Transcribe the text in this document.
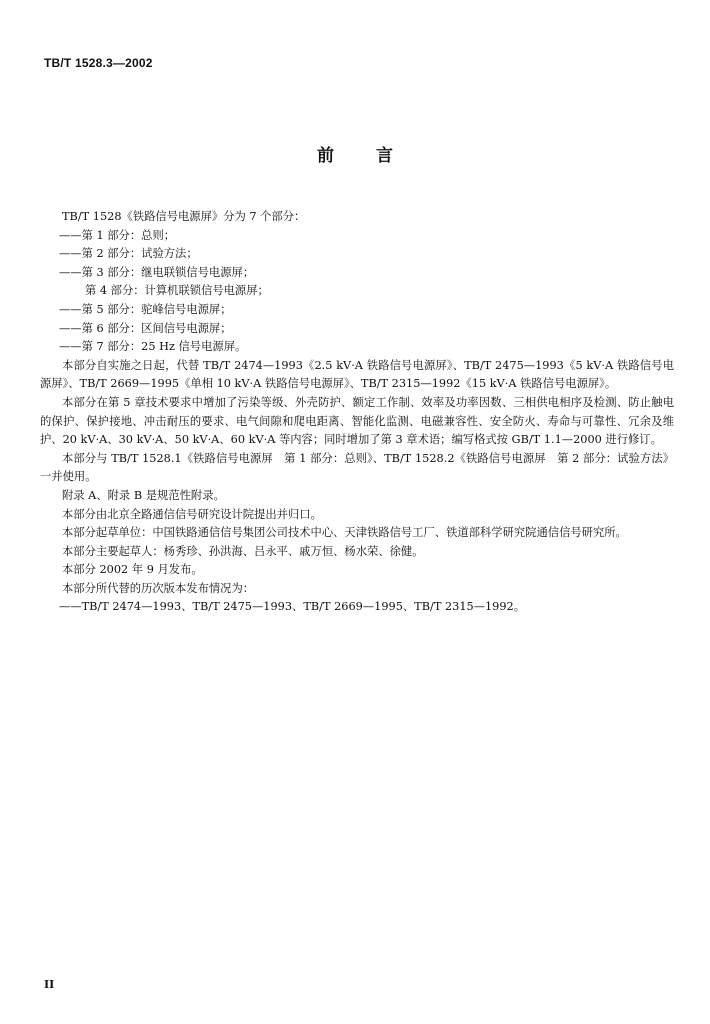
TB/T 1528.3—2002
前言

TB/T 1528《铁路信号电源屏》分为 7 个部分：

——第 1 部分：总则；

——第 2 部分：试验方法；

——第 3 部分：继电联锁信号电源屏；

第 4 部分：计算机联锁信号电源屏；

——第 5 部分：驼峰信号电源屏；

——第 6 部分：区间信号电源屏；

——第 7 部分：25 Hz 信号电源屏。

本部分自实施之日起，代替 TB/T 2474—1993《2.5 kV·A 铁路信号电源屏》、TB/T 2475—1993《5 kV·A 铁路信号电源屏》、TB/T 2669—1995《单相 10 kV·A 铁路信号电源屏》、TB/T 2315—1992《15 kV·A 铁路信号电源屏》。

本部分在第 5 章技术要求中增加了污染等级、外壳防护、额定工作制、效率及功率因数、三相供电相序及检测、防止触电的保护、保护接地、冲击耐压的要求、电气间隙和爬电距离、智能化监测、电磁兼容性、安全防火、寿命与可靠性、冗余及维护、20 kV·A、30 kV·A、50 kV·A、60 kV·A 等内容；同时增加了第 3 章术语；编写格式按 GB/T 1.1—2000 进行修订。

本部分与 TB/T 1528.1《铁路信号电源屏　第 1 部分：总则》、TB/T 1528.2《铁路信号电源屏　第 2 部分：试验方法》一并使用。

附录 A、附录 B 是规范性附录。

本部分由北京全路通信信号研究设计院提出并归口。

本部分起草单位：中国铁路通信信号集团公司技术中心、天津铁路信号工厂、铁道部科学研究院通信信号研究所。

本部分主要起草人：杨秀珍、孙洪海、吕永平、戚万恒、杨水荣、徐健。

本部分 2002 年 9 月发布。

本部分所代替的历次版本发布情况为：

——TB/T 2474—1993、TB/T 2475—1993、TB/T 2669—1995、TB/T 2315—1992。

II
